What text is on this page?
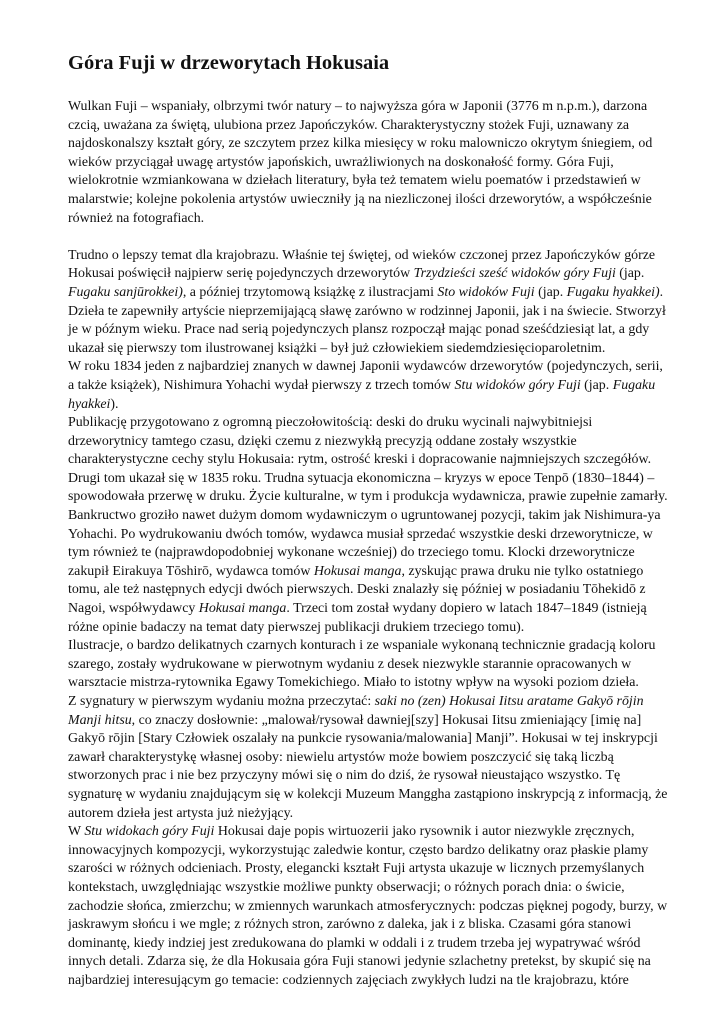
Góra Fuji w drzeworytach Hokusaia

Wulkan Fuji – wspaniały, olbrzymi twór natury – to najwyższa góra w Japonii (3776 m n.p.m.), darzona czcią, uważana za świętą, ulubiona przez Japończyków. Charakterystyczny stożek Fuji, uznawany za najdoskonalszy kształt góry, ze szczytem przez kilka miesięcy w roku malowniczo okrytym śniegiem, od wieków przyciągał uwagę artystów japońskich, uwrażliwionych na doskonałość formy. Góra Fuji, wielokrotnie wzmiankowana w dziełach literatury, była też tematem wielu poematów i przedstawień w malarstwie; kolejne pokolenia artystów uwieczniły ją na niezliczonej ilości drzeworytów, a współcześnie również na fotografiach.

Trudno o lepszy temat dla krajobrazu. Właśnie tej świętej, od wieków czczonej przez Japończyków górze Hokusai poświęcił najpierw serię pojedynczych drzeworytów Trzydzieści sześć widoków góry Fuji (jap. Fugaku sanjūrokkei), a później trzytomową książkę z ilustracjami Sto widoków Fuji (jap. Fugaku hyakkei). Dzieła te zapewniły artyście nieprzemijającą sławę zarówno w rodzinnej Japonii, jak i na świecie. Stworzył je w późnym wieku. Prace nad serią pojedynczych plansz rozpoczął mając ponad sześćdziesiąt lat, a gdy ukazał się pierwszy tom ilustrowanej książki – był już człowiekiem siedemdziesięcioparoletnim.

W roku 1834 jeden z najbardziej znanych w dawnej Japonii wydawców drzeworytów (pojedynczych, serii, a także książek), Nishimura Yohachi wydał pierwszy z trzech tomów Stu widoków góry Fuji (jap. Fugaku hyakkei).

Publikację przygotowano z ogromną pieczołowitością: deski do druku wycinali najwybitniejsi drzeworytnicy tamtego czasu, dzięki czemu z niezwykłą precyzją oddane zostały wszystkie charakterystyczne cechy stylu Hokusaia: rytm, ostrość kreski i dopracowanie najmniejszych szczegółów. Drugi tom ukazał się w 1835 roku. Trudna sytuacja ekonomiczna – kryzys w epoce Tenpō (1830–1844) – spowodowała przerwę w druku. Życie kulturalne, w tym i produkcja wydawnicza, prawie zupełnie zamarły. Bankructwo groziło nawet dużym domom wydawniczym o ugruntowanej pozycji, takim jak Nishimura-ya Yohachi. Po wydrukowaniu dwóch tomów, wydawca musiał sprzedać wszystkie deski drzeworytnicze, w tym również te (najprawdopodobniej wykonane wcześniej) do trzeciego tomu. Klocki drzeworytnicze zakupił Eirakuya Tōshirō, wydawca tomów Hokusai manga, zyskując prawa druku nie tylko ostatniego tomu, ale też następnych edycji dwóch pierwszych. Deski znalazły się później w posiadaniu Tōhekidō z Nagoi, współwydawcy Hokusai manga. Trzeci tom został wydany dopiero w latach 1847–1849 (istnieją różne opinie badaczy na temat daty pierwszej publikacji drukiem trzeciego tomu).

Ilustracje, o bardzo delikatnych czarnych konturach i ze wspaniale wykonaną technicznie gradacją koloru szarego, zostały wydrukowane w pierwotnym wydaniu z desek niezwykle starannie opracowanych w warsztacie mistrza-rytownika Egawy Tomekichiego. Miało to istotny wpływ na wysoki poziom dzieła.

Z sygnatury w pierwszym wydaniu można przeczytać: saki no (zen) Hokusai Iitsu aratame Gakyō rōjin Manji hitsu, co znaczy dosłownie: „malował/rysował dawniej[szy] Hokusai Iitsu zmieniający [imię na] Gakyō rōjin [Stary Człowiek oszalały na punkcie rysowania/malowania] Manji”. Hokusai w tej inskrypcji zawarł charakterystykę własnej osoby: niewielu artystów może bowiem poszczycić się taką liczbą stworzonych prac i nie bez przyczyny mówi się o nim do dziś, że rysował nieustająco wszystko. Tę sygnaturę w wydaniu znajdującym się w kolekcji Muzeum Manggha zastąpiono inskrypcją z informacją, że autorem dzieła jest artysta już nieżyjący.

W Stu widokach góry Fuji Hokusai daje popis wirtuozerii jako rysownik i autor niezwykle zręcznych, innowacyjnych kompozycji, wykorzystując zaledwie kontur, często bardzo delikatny oraz płaskie plamy szarości w różnych odcieniach. Prosty, elegancki kształt Fuji artysta ukazuje w licznych przemyślanych kontekstach, uwzględniając wszystkie możliwe punkty obserwacji; o różnych porach dnia: o świcie, zachodzie słońca, zmierzchu; w zmiennych warunkach atmosferycznych: podczas pięknej pogody, burzy, w jaskrawym słońcu i we mgle; z różnych stron, zarówno z daleka, jak i z bliska. Czasami góra stanowi dominantę, kiedy indziej jest zredukowana do plamki w oddali i z trudem trzeba jej wypatrywać wśród innych detali. Zdarza się, że dla Hokusaia góra Fuji stanowi jedynie szlachetny pretekst, by skupić się na najbardziej interesującym go temacie: codziennych zajęciach zwykłych ludzi na tle krajobrazu, które
